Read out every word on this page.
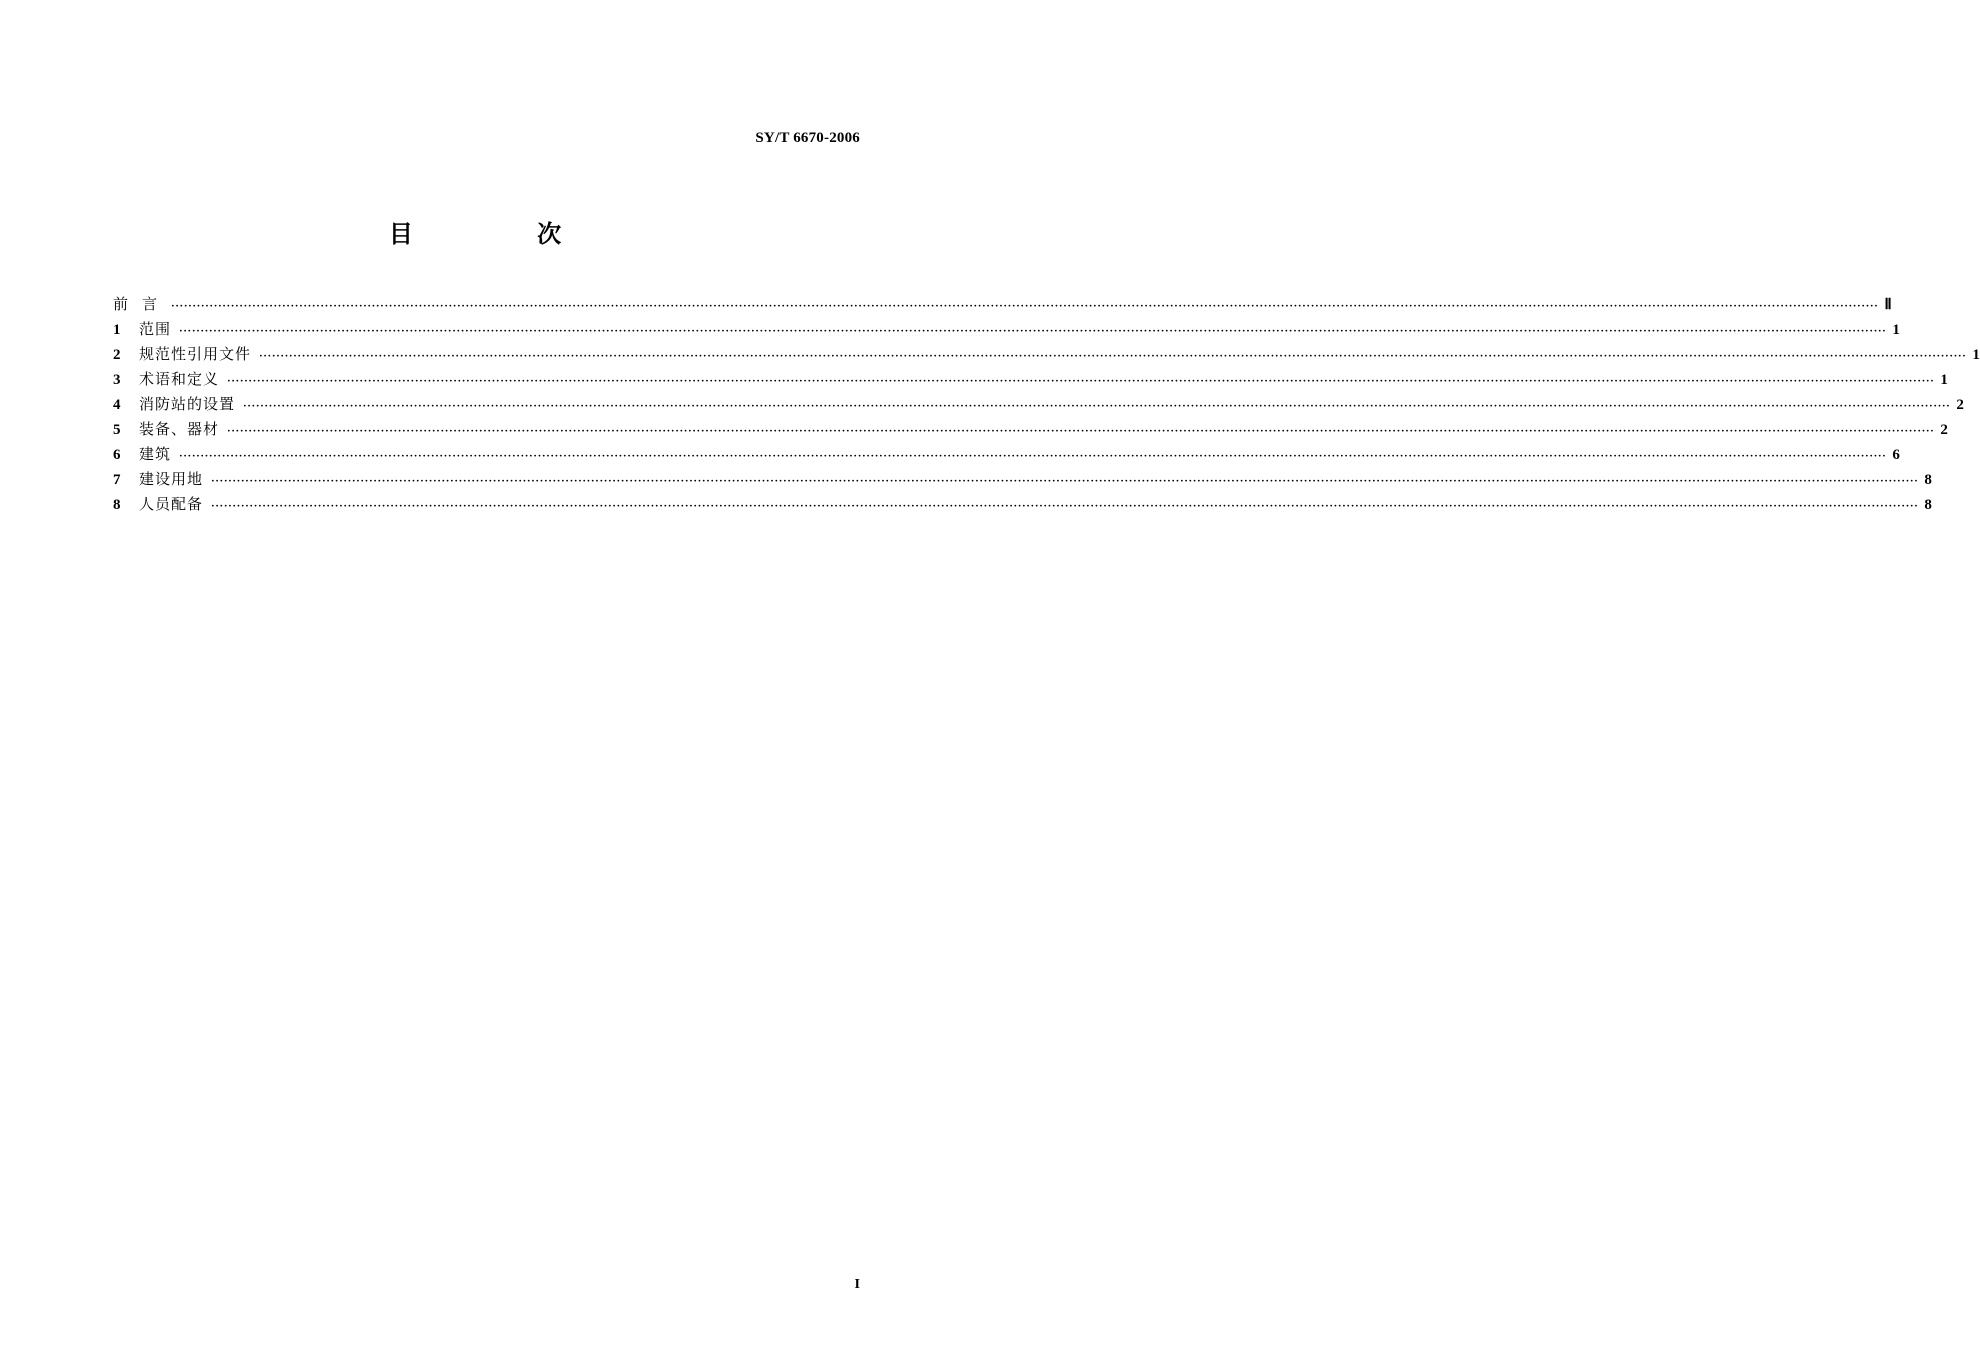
SY/T 6670-2006
目 次
前言 ················································································································································································································································································································································································································ Ⅱ
1	范围 ················································································································································································································································································································································································································ 1
2	规范性引用文件 ················································································································································································································································································································································································································ 1
3	术语和定义 ················································································································································································································································································································································································································ 1
4	消防站的设置 ················································································································································································································································································································································································································ 2
5	装备、器材 ················································································································································································································································································································································································································ 2
6	建筑 ················································································································································································································································································································································································································ 6
7	建设用地 ················································································································································································································································································································································································································ 8
8	人员配备 ················································································································································································································································································································································································································ 8
I
